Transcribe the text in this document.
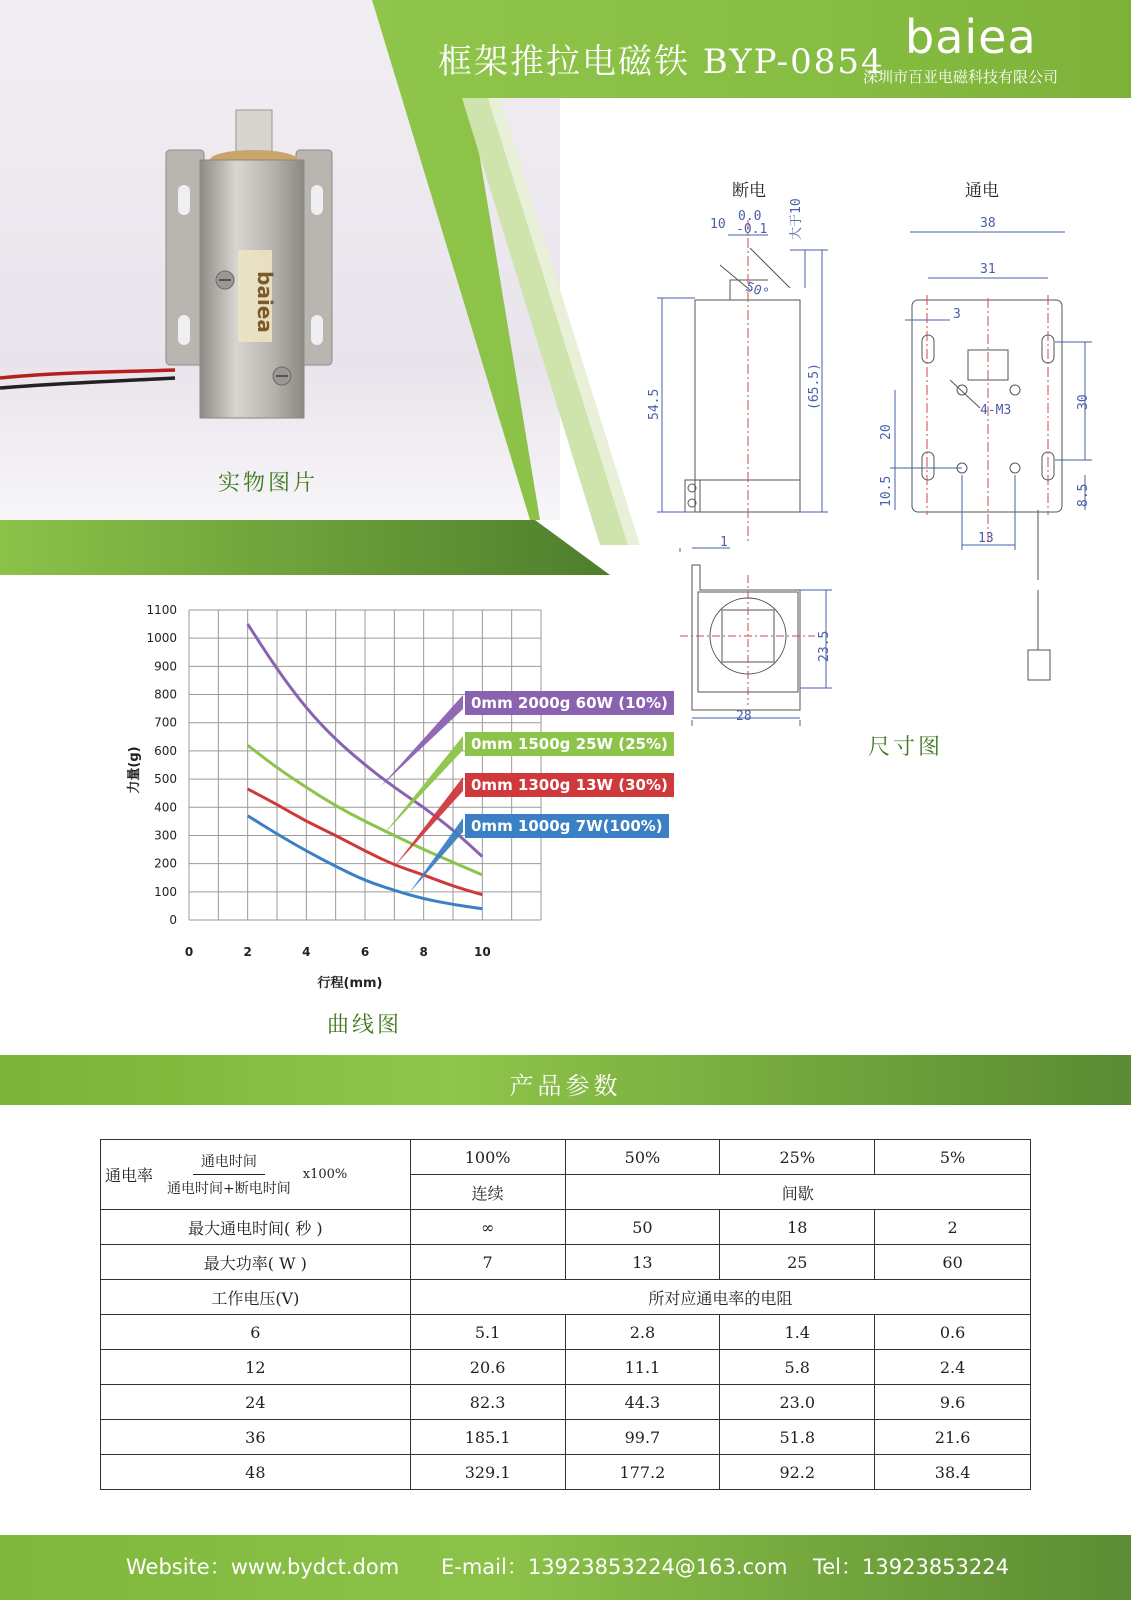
baiea
框架推拉电磁铁 BYP-0854 baiea
深圳市百亚电磁科技有限公司
实物图片
10
0.0
-0.1 大于10
50°
54.5	(65.5)
38
31
3
4-M3
30
20
10.5	8.5
13
1
23.5
28
断电	通电
尺寸图
0
100
200
300
400
500
600
700
800
900
1000
1100
0	2	4	6	8	10
力量(g)
行程(mm)
0mm 2000g 60W (10%)
0mm 1500g 25W (25%)
0mm 1300g 13W (30%)
0mm 1000g 7W(100%)
曲线图
产品参数
通电率 $\frac{\text{通电时间}}{\text{通电时间+断电时间}} x100\%$	100%	50%	25%	5%
	连续	间歇		
最大通电时间( 秒 )	∞	50	18	2
最大功率( W )	7	13	25	60
工作电压(V)	所对应通电率的电阻			
6	5.1	2.8	1.4	0.6
12	20.6	11.1	5.8	2.4
24	82.3	44.3	23.0	9.6
36	185.1	99.7	51.8	21.6
48	329.1	177.2	92.2	38.4
Website：www.bydct.dom E-mail：13923853224@163.com Tel：13923853224
